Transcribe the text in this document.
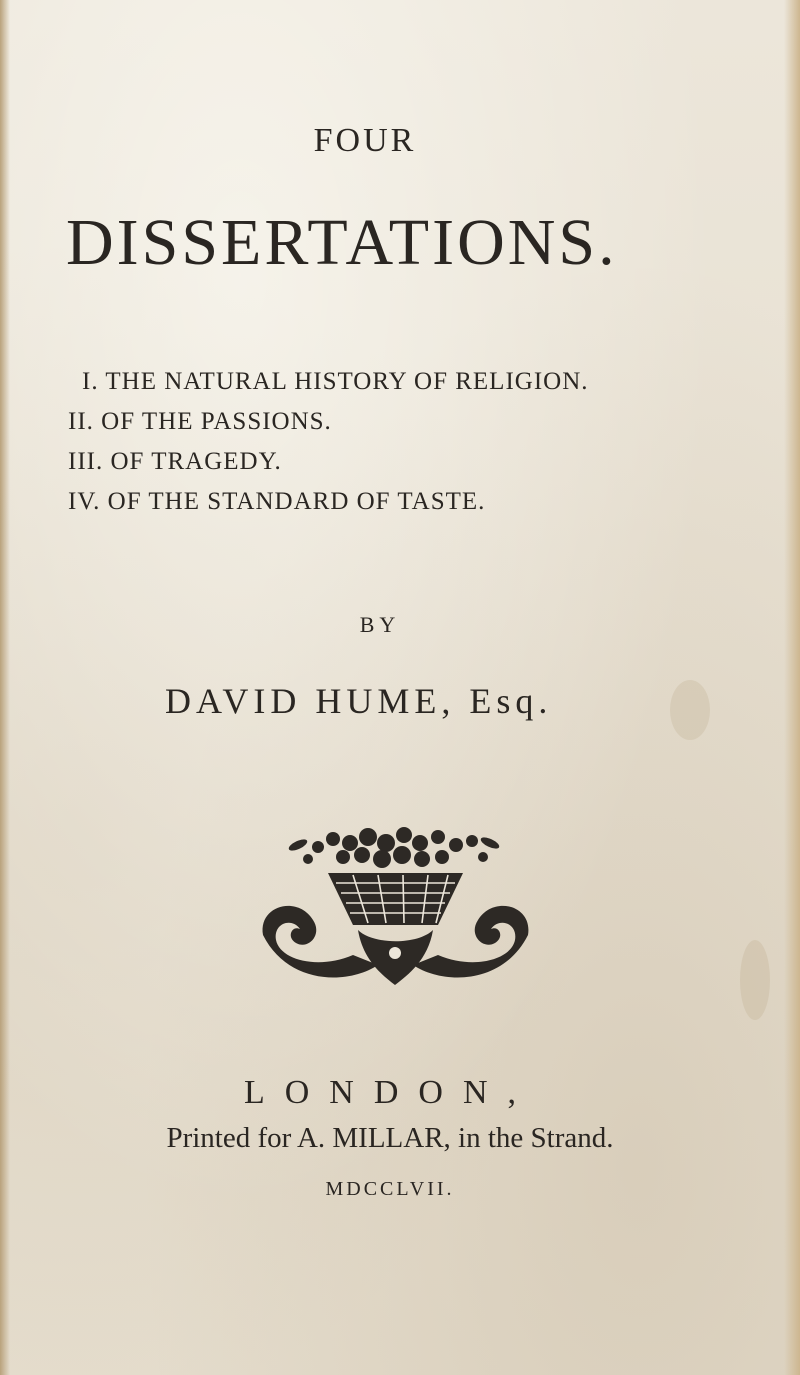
FOUR
DISSERTATIONS.
I. THE NATURAL HISTORY OF RELIGION.
II. OF THE PASSIONS.
III. OF TRAGEDY.
IV. OF THE STANDARD OF TASTE.
BY
DAVID HUME, Esq.
LONDON,
Printed for A. MILLAR, in the Strand.
MDCCLVII.
